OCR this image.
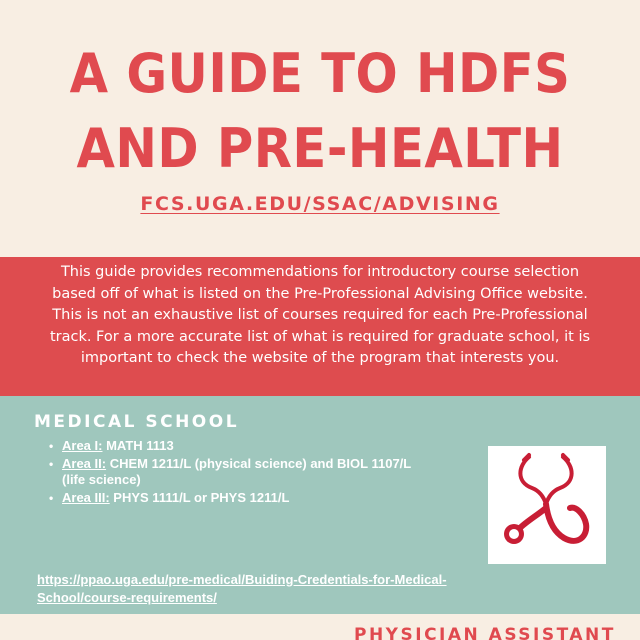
A GUIDE TO HDFS
AND PRE-HEALTH
FCS.UGA.EDU/SSAC/ADVISING

This guide provides recommendations for introductory course selection based off of what is listed on the Pre-Professional Advising Office website. This is not an exhaustive list of courses required for each Pre-Professional track. For a more accurate list of what is required for graduate school, it is important to check the website of the program that interests you.

MEDICAL SCHOOL
• Area I: MATH 1113
• Area II: CHEM 1211/L (physical science) and BIOL 1107/L (life science)
• Area III: PHYS 1111/L or PHYS 1211/L
https://ppao.uga.edu/pre-medical/Buiding-Credentials-for-Medical-School/course-requirements/
PHYSICIAN ASSISTANT
